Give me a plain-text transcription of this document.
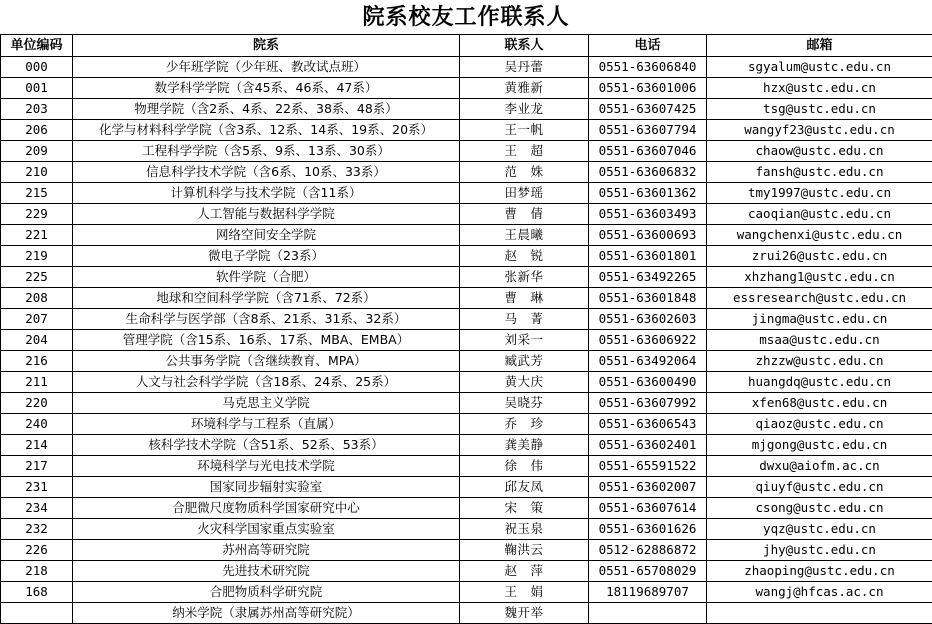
院系校友工作联系人
单位编码	院系	联系人	电话	邮箱
000	少年班学院（少年班、教改试点班）	吴丹蕾	0551-63606840	sgyalum@ustc.edu.cn
001	数学科学学院（含45系、46系、47系）	黄雅新	0551-63601006	hzx@ustc.edu.cn
203	物理学院（含2系、4系、22系、38系、48系）	李业龙	0551-63607425	tsg@ustc.edu.cn
206	化学与材料科学学院（含3系、12系、14系、19系、20系）	王一帆	0551-63607794	wangyf23@ustc.edu.cn
209	工程科学学院（含5系、9系、13系、30系）	王　超	0551-63607046	chaow@ustc.edu.cn
210	信息科学技术学院（含6系、10系、33系）	范　姝	0551-63606832	fansh@ustc.edu.cn
215	计算机科学与技术学院（含11系）	田梦瑶	0551-63601362	tmy1997@ustc.edu.cn
229	人工智能与数据科学学院	曹　倩	0551-63603493	caoqian@ustc.edu.cn
221	网络空间安全学院	王晨曦	0551-63600693	wangchenxi@ustc.edu.cn
219	微电子学院（23系）	赵　锐	0551-63601801	zrui26@ustc.edu.cn
225	软件学院（合肥）	张新华	0551-63492265	xhzhang1@ustc.edu.cn
208	地球和空间科学学院（含71系、72系）	曹　琳	0551-63601848	essresearch@ustc.edu.cn
207	生命科学与医学部（含8系、21系、31系、32系）	马　菁	0551-63602603	jingma@ustc.edu.cn
204	管理学院（含15系、16系、17系、MBA、EMBA）	刘采一	0551-63606922	msaa@ustc.edu.cn
216	公共事务学院（含继续教育、MPA）	臧武芳	0551-63492064	zhzzw@ustc.edu.cn
211	人文与社会科学学院（含18系、24系、25系）	黄大庆	0551-63600490	huangdq@ustc.edu.cn
220	马克思主义学院	吴晓芬	0551-63607992	xfen68@ustc.edu.cn
240	环境科学与工程系（直属）	乔　珍	0551-63606543	qiaoz@ustc.edu.cn
214	核科学技术学院（含51系、52系、53系）	龚美静	0551-63602401	mjgong@ustc.edu.cn
217	环境科学与光电技术学院	徐　伟	0551-65591522	dwxu@aiofm.ac.cn
231	国家同步辐射实验室	邱友凤	0551-63602007	qiuyf@ustc.edu.cn
234	合肥微尺度物质科学国家研究中心	宋　策	0551-63607614	csong@ustc.edu.cn
232	火灾科学国家重点实验室	祝玉泉	0551-63601626	yqz@ustc.edu.cn
226	苏州高等研究院	鞠洪云	0512-62886872	jhy@ustc.edu.cn
218	先进技术研究院	赵　萍	0551-65708029	zhaoping@ustc.edu.cn
168	合肥物质科学研究院	王　娟	18119689707	wangj@hfcas.ac.cn
	纳米学院（隶属苏州高等研究院）	魏开举		
